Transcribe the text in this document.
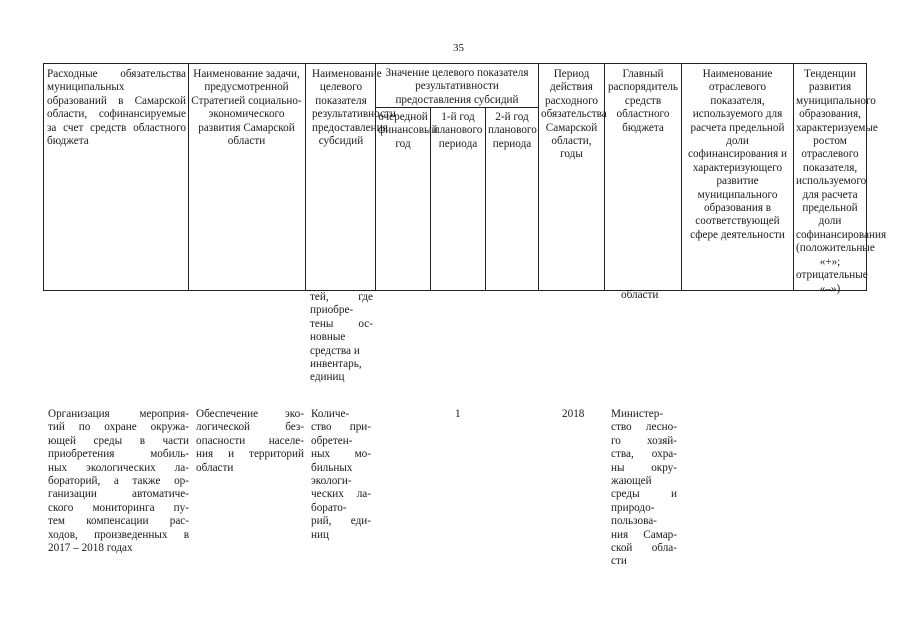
35
Расходные обязательства муниципальных образований в Самарской области, софинансируемые за счет средств областного бюджета
Наименование задачи, предусмотренной Стратегией социально-экономического развития Самарской области
Наименование целевого показателя результативности предоставления субсидий
Значение целевого показателя результативности предоставления субсидий
очередной финансовый год
1-й год планового периода
2-й год планового периода
Период действия расходного обязательства Самарской области, годы
Главный распорядитель средств областного бюджета
Наименование отраслевого показателя, используемого для расчета предельной доли софинансирования и характеризующего развитие муниципального образования в соответствующей сфере деятельности
Тенденции развития муниципального образования, характеризуемые ростом отраслевого показателя, используемого для расчета предельной доли софинансирования (положительные «+»; отрицательные «–»)
тей, где
приобре-
тены ос-
новные
средства и
инвентарь,
единиц
области
Организация мероприя-
тий по охране окружа-
ющей среды в части
приобретения мобиль-
ных экологических ла-
бораторий, а также ор-
ганизации автоматиче-
ского мониторинга пу-
тем компенсации рас-
ходов, произведенных в
2017 – 2018 годах
Обеспечение эко-
логической без-
опасности населе-
ния и территорий
области
Количе-
ство при-
обретен-
ных мо-
бильных
экологи-
ческих ла-
борато-
рий, еди-
ниц
1	2018 Министер-
ство лесно-
го хозяй-
ства, охра-
ны окру-
жающей
среды и
природо-
пользова-
ния Самар-
ской обла-
сти
